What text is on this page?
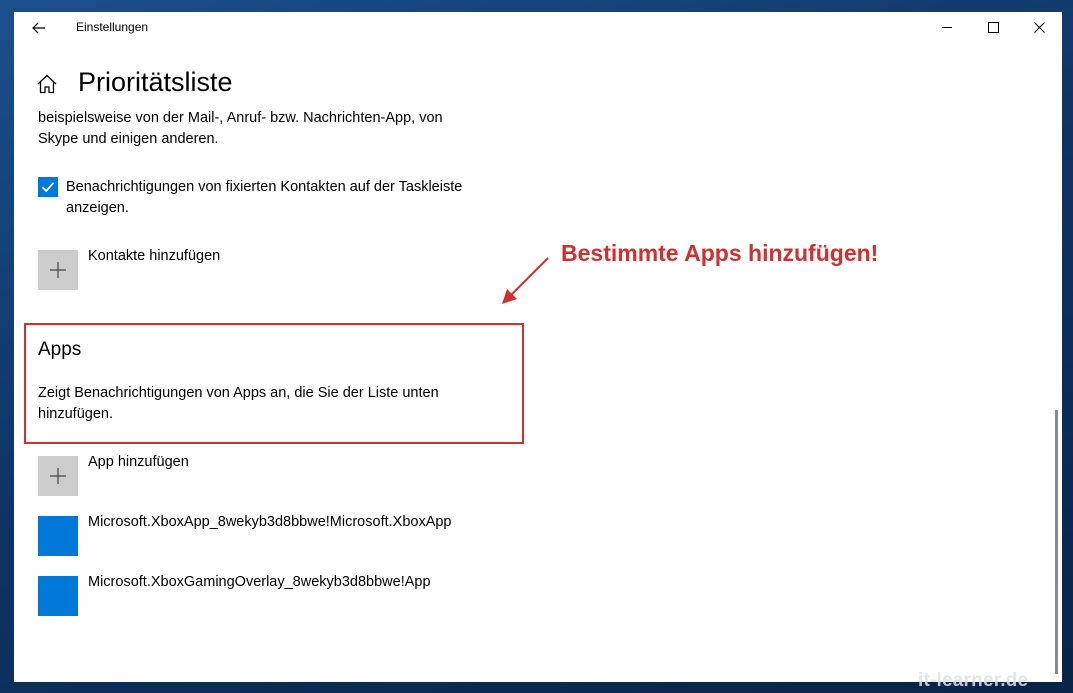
Einstellungen
Prioritätsliste
beispielsweise von der Mail-, Anruf- bzw. Nachrichten-App, von Skype und einigen anderen.
Benachrichtigungen von fixierten Kontakten auf der Taskleiste anzeigen.
Kontakte hinzufügen
Apps
Zeigt Benachrichtigungen von Apps an, die Sie der Liste unten hinzufügen.
App hinzufügen
Microsoft.XboxApp_8wekyb3d8bbwe!Microsoft.XboxApp
Microsoft.XboxGamingOverlay_8wekyb3d8bbwe!App
Bestimmte Apps hinzufügen!
it-learner.de
